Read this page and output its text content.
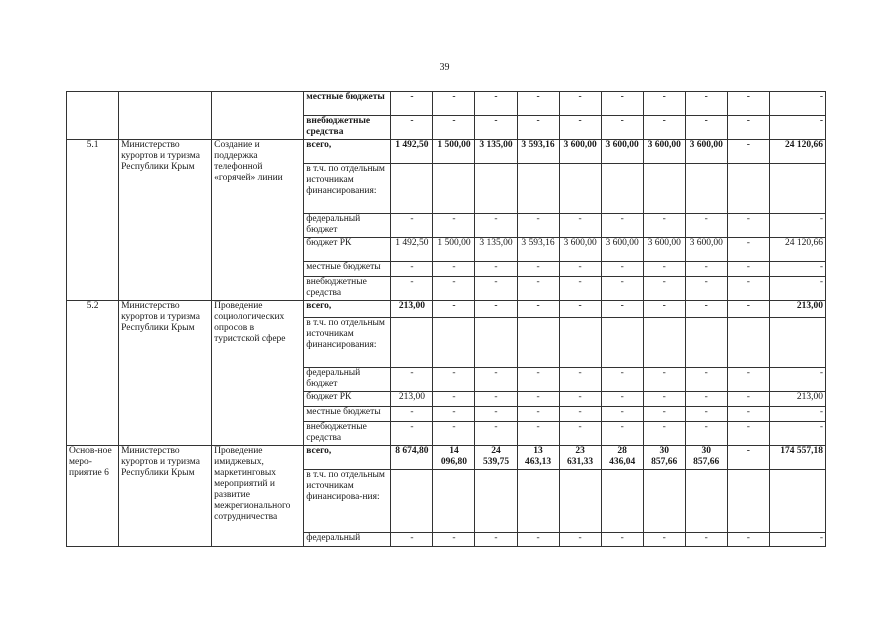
39
			местные бюджеты	-	-	-	-	-	-	-	-	-	-
			внебюджетные средства	-	-	-	-	-	-	-	-	-	-
5.1	Министерство курортов и туризма Республики Крым	Создание и поддержка телефонной «горячей» линии	всего,	1 492,50	1 500,00	3 135,00	3 593,16	3 600,00	3 600,00	3 600,00	3 600,00	-	24 120,66
			в т.ч. по отдельным источникам финансирования:										
			федеральный бюджет	-	-	-	-	-	-	-	-	-	-
			бюджет РК	1 492,50	1 500,00	3 135,00	3 593,16	3 600,00	3 600,00	3 600,00	3 600,00	-	24 120,66
			местные бюджеты	-	-	-	-	-	-	-	-	-	-
			внебюджетные средства	-	-	-	-	-	-	-	-	-	-
5.2	Министерство курортов и туризма Республики Крым	Проведение социологических опросов в туристской сфере	всего,	213,00	-	-	-	-	-	-	-	-	213,00
			в т.ч. по отдельным источникам финансирования:										
			федеральный бюджет	-	-	-	-	-	-	-	-	-	-
			бюджет РК	213,00	-	-	-	-	-	-	-	-	213,00
			местные бюджеты	-	-	-	-	-	-	-	-	-	-
			внебюджетные средства	-	-	-	-	-	-	-	-	-	-
Основ-ное меро-приятие 6	Министерство курортов и туризма Республики Крым	Проведение имиджевых, маркетинговых мероприятий и развитие межрегионального сотрудничества	всего,	8 674,80	14 096,80	24 539,75	13 463,13	23 631,33	28 436,04	30 857,66	30 857,66	-	174 557,18
			в т.ч. по отдельным источникам финансирова-ния:										
			федеральный	-	-	-	-	-	-	-	-	-	-
